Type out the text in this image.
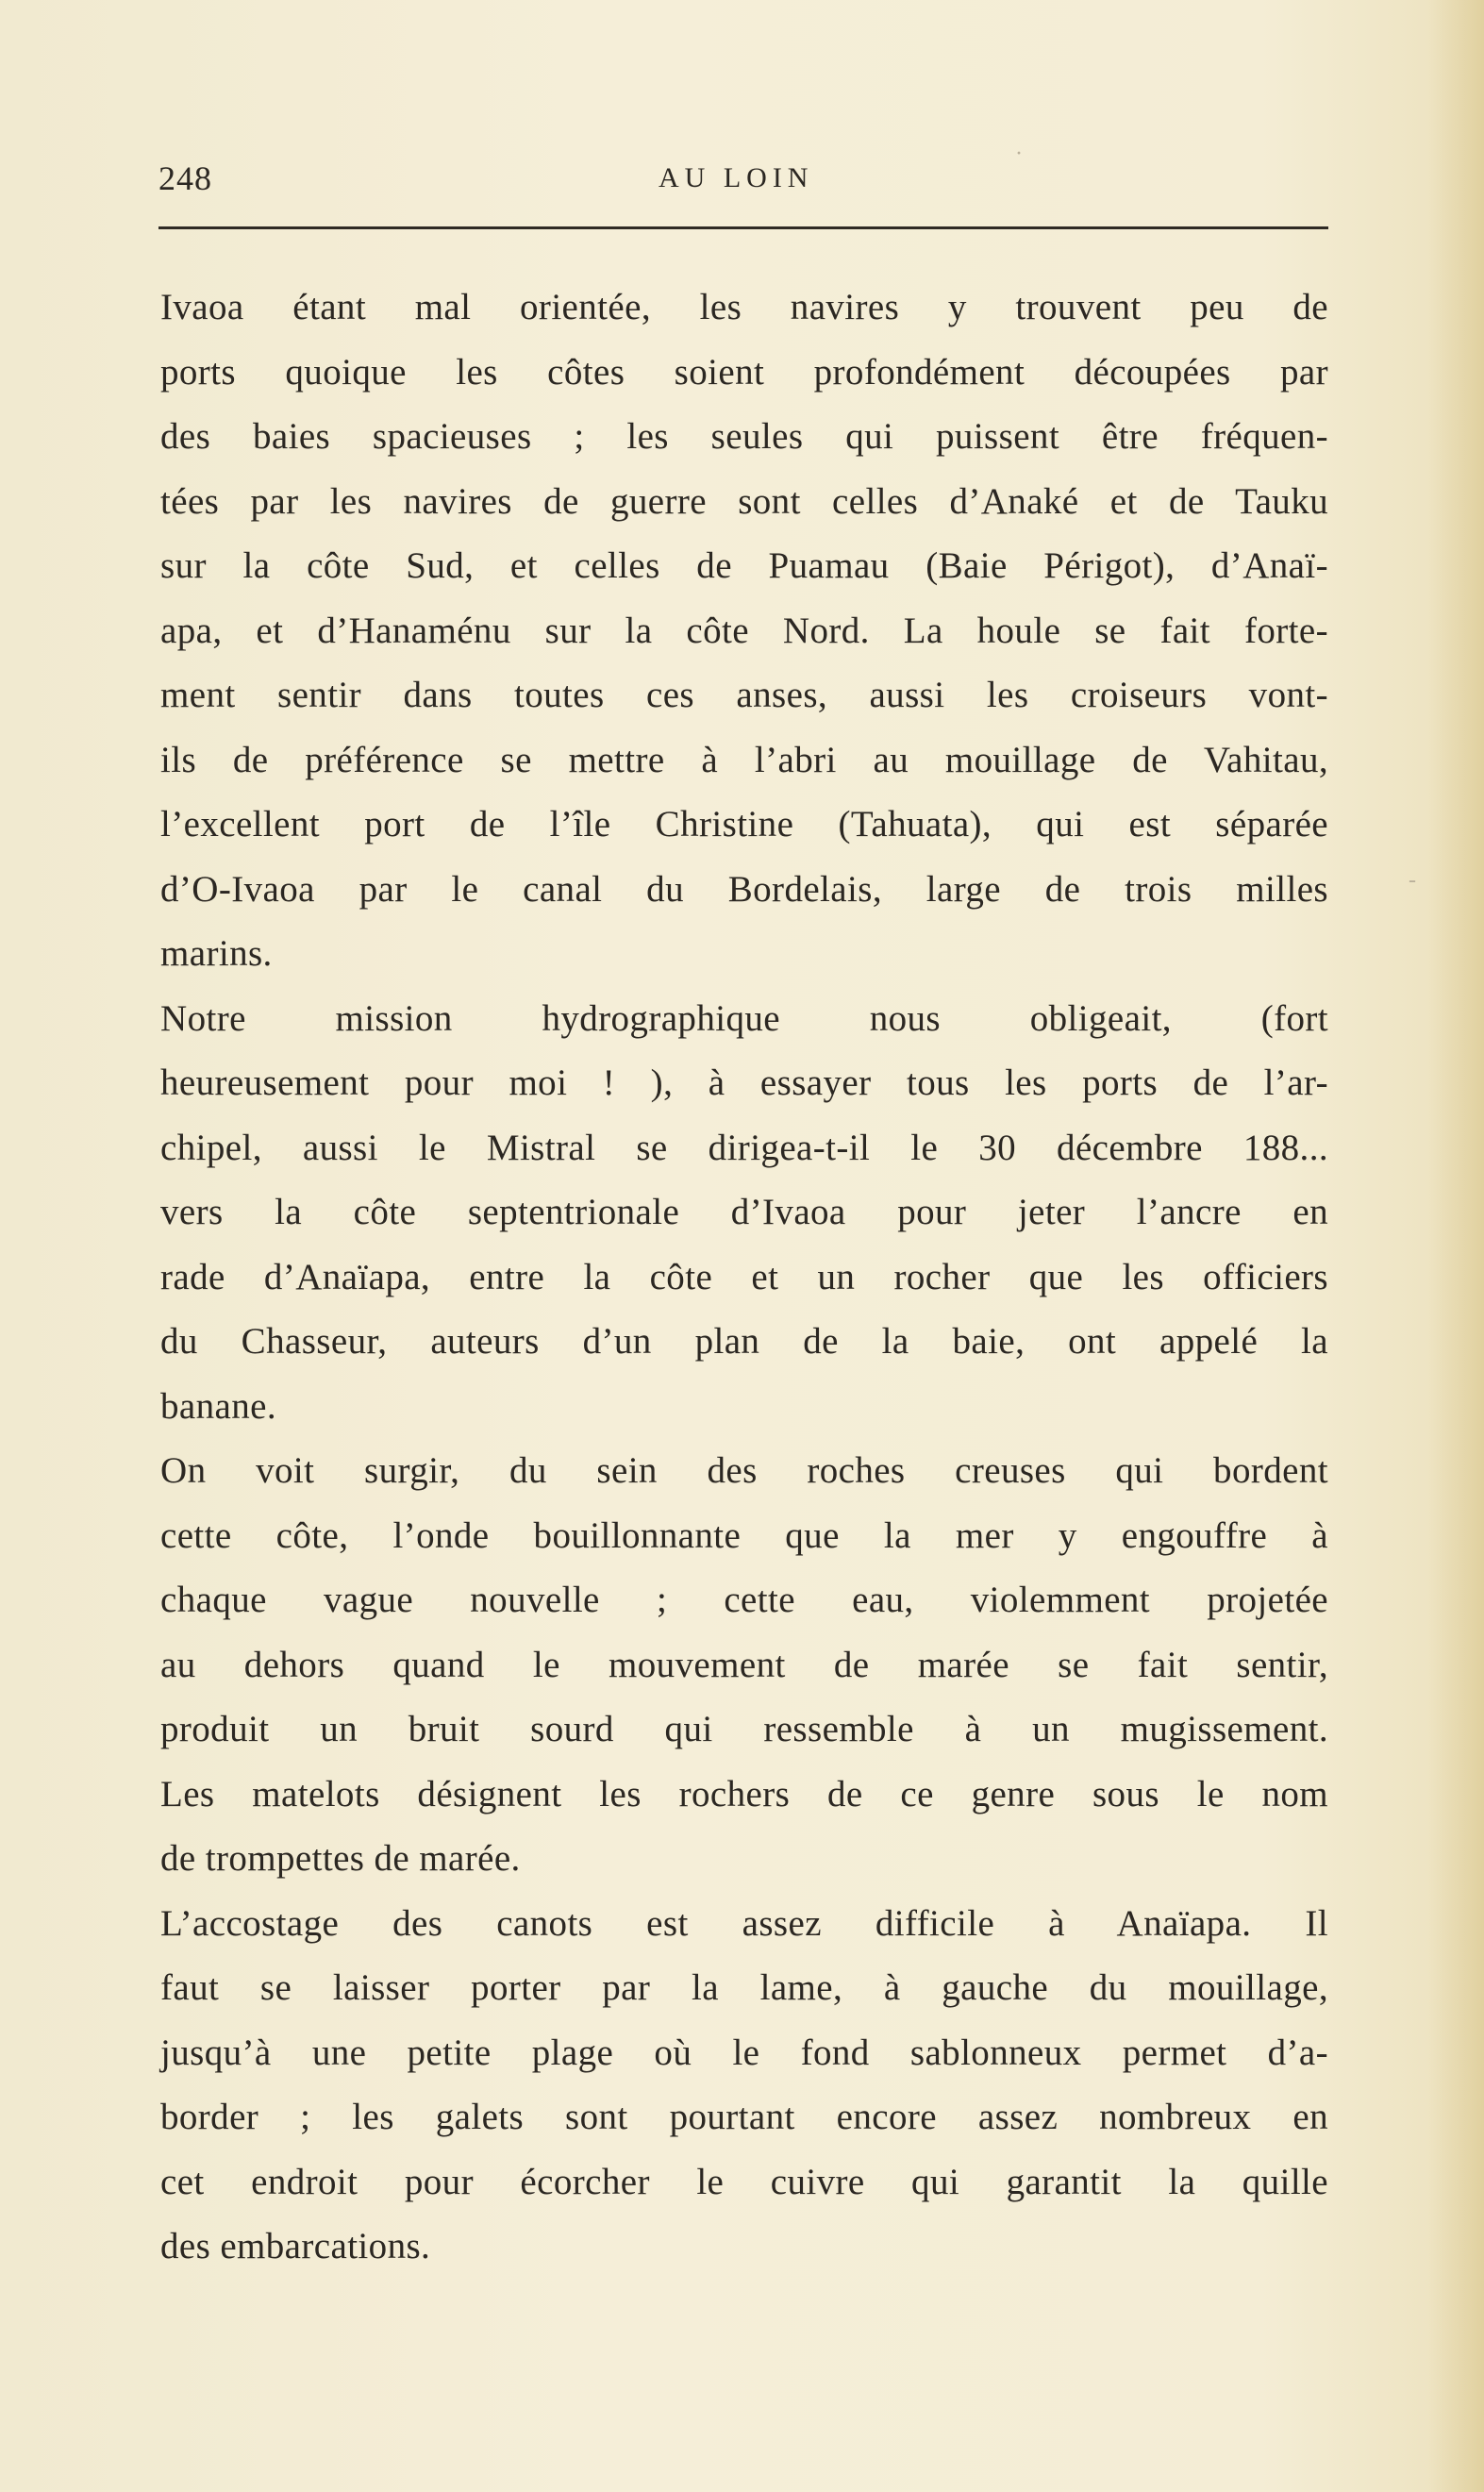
248	AU LOIN
·
-
Ivaoa étant mal orientée, les navires y trouvent peu de
ports quoique les côtes soient profondément découpées par
des baies spacieuses ; les seules qui puissent être fréquen-
tées par les navires de guerre sont celles d’Anaké et de Tauku
sur la côte Sud, et celles de Puamau (Baie Périgot), d’Anaï-
apa, et d’Hanaménu sur la côte Nord. La houle se fait forte-
ment sentir dans toutes ces anses, aussi les croiseurs vont-
ils de préférence se mettre à l’abri au mouillage de Vahitau,
l’excellent port de l’île Christine (Tahuata), qui est séparée
d’O-Ivaoa par le canal du Bordelais, large de trois milles
marins.
Notre mission hydrographique nous obligeait, (fort
heureusement pour moi ! ), à essayer tous les ports de l’ar-
chipel, aussi le Mistral se dirigea-t-il le 30 décembre 188...
vers la côte septentrionale d’Ivaoa pour jeter l’ancre en
rade d’Anaïapa, entre la côte et un rocher que les officiers
du Chasseur, auteurs d’un plan de la baie, ont appelé la
banane.
On voit surgir, du sein des roches creuses qui bordent
cette côte, l’onde bouillonnante que la mer y engouffre à
chaque vague nouvelle ; cette eau, violemment projetée
au dehors quand le mouvement de marée se fait sentir,
produit un bruit sourd qui ressemble à un mugissement.
Les matelots désignent les rochers de ce genre sous le nom
de trompettes de marée.
L’accostage des canots est assez difficile à Anaïapa. Il
faut se laisser porter par la lame, à gauche du mouillage,
jusqu’à une petite plage où le fond sablonneux permet d’a-
border ; les galets sont pourtant encore assez nombreux en
cet endroit pour écorcher le cuivre qui garantit la quille
des embarcations.
